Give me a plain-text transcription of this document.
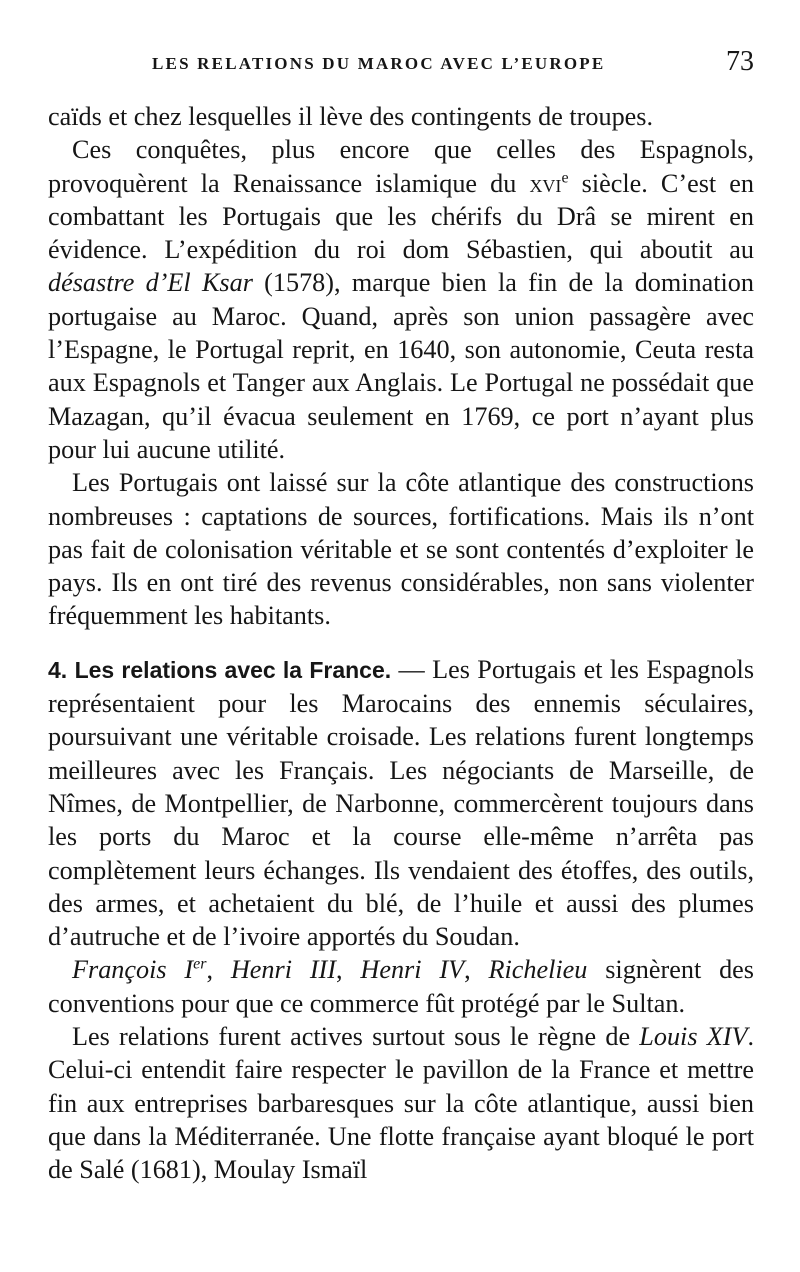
LES RELATIONS DU MAROC AVEC L’EUROPE	73

caïds et chez lesquelles il lève des contingents de troupes.

Ces conquêtes, plus encore que celles des Espagnols, provoquèrent la Renaissance islamique du xvi$^e$ siècle. C’est en combattant les Portugais que les chérifs du Drâ se mirent en évidence. L’expédition du roi dom Sébastien, qui aboutit au désastre d’El Ksar (1578), marque bien la fin de la domination portugaise au Maroc. Quand, après son union passagère avec l’Espagne, le Portugal reprit, en 1640, son autonomie, Ceuta resta aux Espagnols et Tanger aux Anglais. Le Portugal ne possédait que Mazagan, qu’il évacua seulement en 1769, ce port n’ayant plus pour lui aucune utilité.

Les Portugais ont laissé sur la côte atlantique des constructions nombreuses : captations de sources, fortifications. Mais ils n’ont pas fait de colonisation véritable et se sont contentés d’exploiter le pays. Ils en ont tiré des revenus considérables, non sans violenter fréquemment les habitants.

4. Les relations avec la France. — Les Portugais et les Espagnols représentaient pour les Marocains des ennemis séculaires, poursuivant une véritable croisade. Les relations furent longtemps meilleures avec les Français. Les négociants de Marseille, de Nîmes, de Montpellier, de Narbonne, commercèrent toujours dans les ports du Maroc et la course elle-même n’arrêta pas complètement leurs échanges. Ils vendaient des étoffes, des outils, des armes, et achetaient du blé, de l’huile et aussi des plumes d’autruche et de l’ivoire apportés du Soudan.

François Ier, Henri III, Henri IV, Richelieu signèrent des conventions pour que ce commerce fût protégé par le Sultan.

Les relations furent actives surtout sous le règne de Louis XIV. Celui-ci entendit faire respecter le pavillon de la France et mettre fin aux entreprises barbaresques sur la côte atlantique, aussi bien que dans la Méditerranée. Une flotte française ayant bloqué le port de Salé (1681), Moulay Ismaïl
